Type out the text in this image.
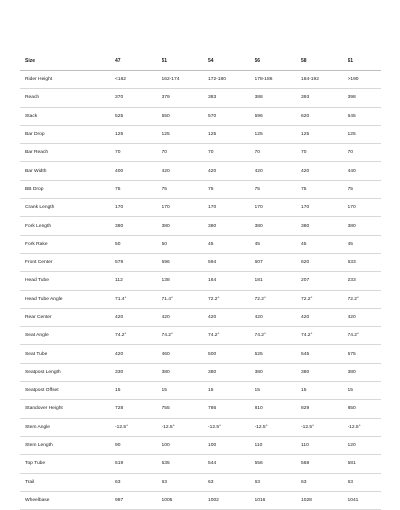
Size	47	51	54	56	58	61
Rider Height	<162	162-174	172-180	178-186	184-192	>190
Reach	370	379	383	388	393	398
Stack	525	550	570	596	620	645
Bar Drop	125	125	125	125	125	125
Bar Reach	70	70	70	70	70	70
Bar Width	400	420	420	420	420	440
BB Drop	75	75	75	75	75	75
Crank Length	170	170	170	170	170	170
Fork Length	380	380	380	380	380	380
Fork Rake	50	50	45	45	45	45
Front Center	579	596	594	607	620	633
Head Tube	112	138	164	181	207	233
Head Tube Angle	71.4°	71.4°	72.2°	72.2°	72.2°	72.2°
Rear Center	420	420	420	420	420	420
Seat Angle	74.2°	74.2°	74.2°	74.2°	74.2°	74.2°
Seat Tube	420	460	500	525	545	575
Seatpost Length	330	380	380	380	380	380
Seatpost Offset	15	15	15	15	15	15
Standover Height	728	755	786	810	829	850
Stem Angle	-12.5°	-12.5°	-12.5°	-12.5°	-12.5°	-12.5°
Stem Length	90	100	100	110	110	120
Top Tube	519	535	544	556	568	581
Trail	63	63	63	63	63	63
Wheelbase	987	1005	1002	1016	1028	1041
